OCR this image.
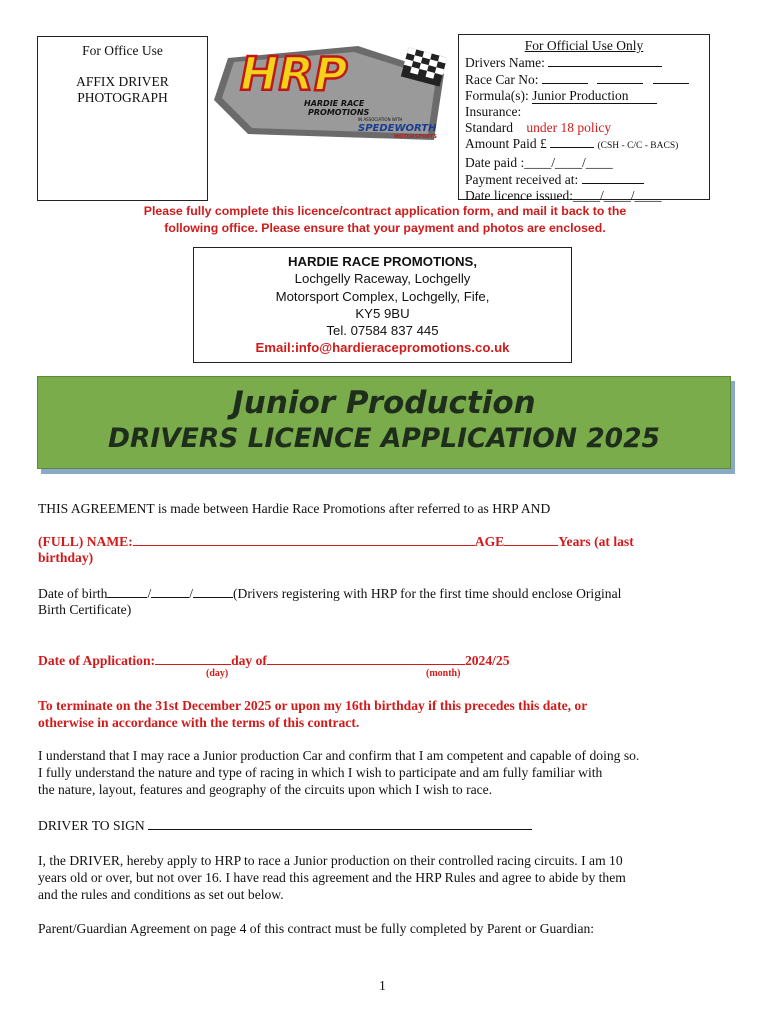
For Office Use
AFFIX DRIVER
PHOTOGRAPH	HRP
HARDIE RACE
PROMOTIONS
IN ASSOCIATION WITH
SPEDEWORTH
MOTORSPORTS
For Official Use Only
Drivers Name:
Race Car No:
Formula(s): Junior Production
Insurance:
Standard under 18 policy
Amount Paid £	(CSH - C/C - BACS)
Date paid :____/____/____
Payment received at:
Date licence issued:____/____/____
Please fully complete this licence/contract application form, and mail it back to the
following office. Please ensure that your payment and photos are enclosed.
HARDIE RACE PROMOTIONS,
Lochgelly Raceway, Lochgelly
Motorsport Complex, Lochgelly, Fife,
KY5 9BU
Tel. 07584 837 445
Email:info@hardieracepromotions.co.uk
Junior Production
DRIVERS LICENCE APPLICATION 2025
THIS AGREEMENT is made between Hardie Race Promotions after referred to as HRP AND
(FULL) NAME:	AGE	Years (at last
birthday)
Date of birth	/	/	(Drivers registering with HRP for the first time should enclose Original
Birth Certificate)
Date of Application:	day of	2024/25
(day)	(month)
To terminate on the 31st December 2025 or upon my 16th birthday if this precedes this date, or
otherwise in accordance with the terms of this contract.
I understand that I may race a Junior production Car and confirm that I am competent and capable of doing so.
I fully understand the nature and type of racing in which I wish to participate and am fully familiar with
the nature, layout, features and geography of the circuits upon which I wish to race.
DRIVER TO SIGN
I, the DRIVER, hereby apply to HRP to race a Junior production on their controlled racing circuits. I am 10
years old or over, but not over 16. I have read this agreement and the HRP Rules and agree to abide by them
and the rules and conditions as set out below.
Parent/Guardian Agreement on page 4 of this contract must be fully completed by Parent or Guardian:
1
